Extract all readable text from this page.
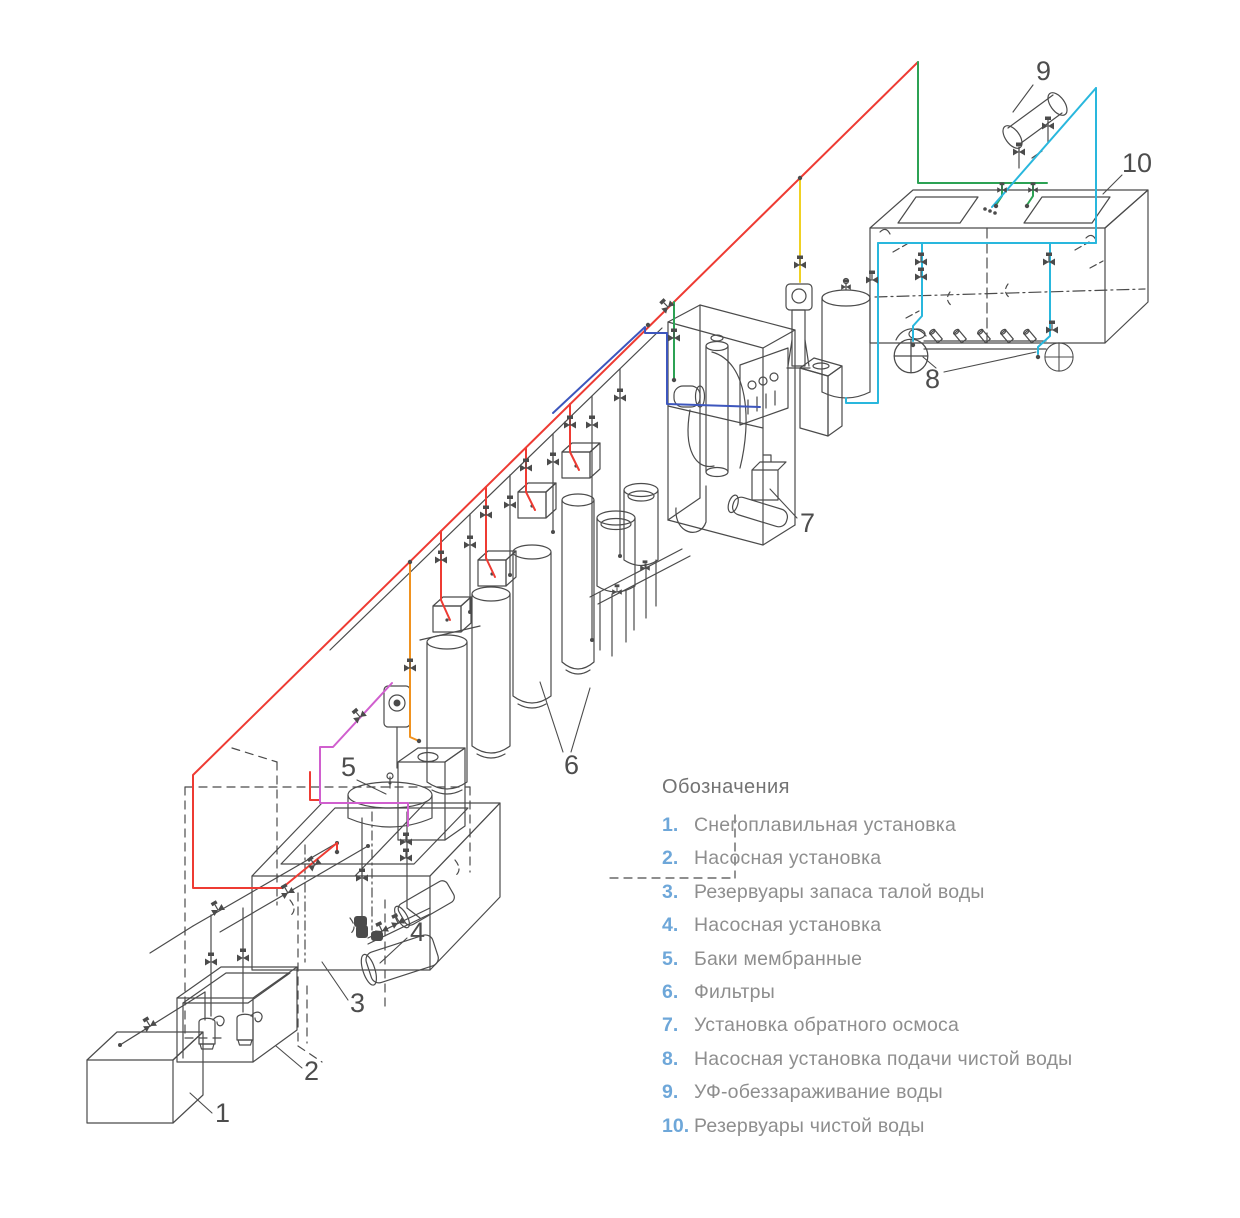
1
2
3
4
5	6
7
8
9
10

Обозначения

1. Снегоплавильная установка
2. Насосная установка
3. Резервуары запаса талой воды
4. Насосная установка
5. Баки мембранные
6. Фильтры
7. Установка обратного осмоса
8. Насосная установка подачи чистой воды
9. УФ-обеззараживание воды
10. Резервуары чистой воды
